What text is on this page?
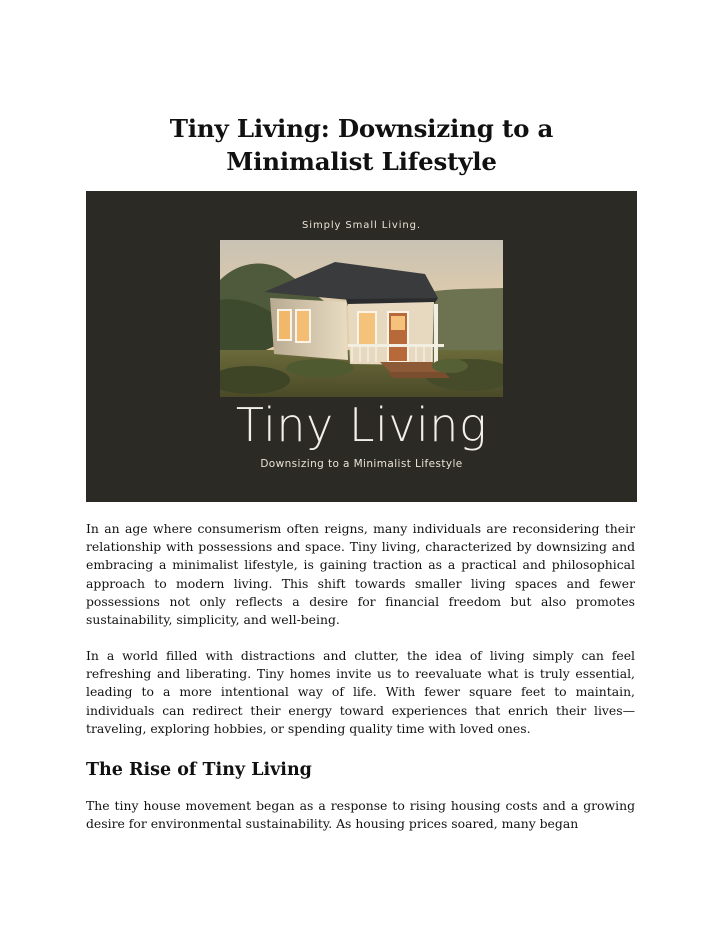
Tiny Living: Downsizing to a
Minimalist Lifestyle
Simply Small Living.
Tiny Living
Downsizing to a Minimalist Lifestyle

In an age where consumerism often reigns, many individuals are reconsidering their relationship with possessions and space. Tiny living, characterized by downsizing and embracing a minimalist lifestyle, is gaining traction as a practical and philosophical approach to modern living. This shift towards smaller living spaces and fewer possessions not only reflects a desire for financial freedom but also promotes sustainability, simplicity, and well-being.

In a world filled with distractions and clutter, the idea of living simply can feel refreshing and liberating. Tiny homes invite us to reevaluate what is truly essential, leading to a more intentional way of life. With fewer square feet to maintain, individuals can redirect their energy toward experiences that enrich their lives—traveling, exploring hobbies, or spending quality time with loved ones.

The Rise of Tiny Living

The tiny house movement began as a response to rising housing costs and a growing desire for environmental sustainability. As housing prices soared, many began
